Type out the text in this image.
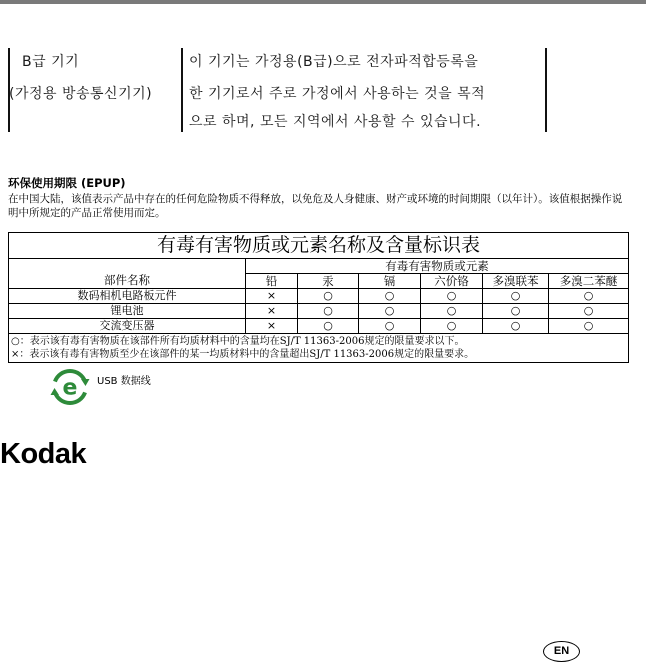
B급 기기
(가정용 방송통신기기)
이 기기는 가정용(B급)으로 전자파적합등록을
한 기기로서 주로 가정에서 사용하는 것을 목적
으로 하며, 모든 지역에서 사용할 수 있습니다.
环保使用期限 (EPUP)
在中国大陆，该值表示产品中存在的任何危险物质不得释放，以免危及人身健康、财产或环境的时间期限（以年计）。该值根据操作说
明中所规定的产品正常使用而定。
有毒有害物质或元素名称及含量标识表						
部件名称	有毒有害物质或元素					
	铅	汞	镉	六价铬	多溴联苯	多溴二苯醚
数码相机电路板元件	×	○	○	○	○	○
锂电池	×	○	○	○	○	○
交流变压器	×	○	○	○	○	○

○：表示该有毒有害物质在该部件所有均质材料中的含量均在SJ/T 11363-2006规定的限量要求以下。
×：表示该有毒有害物质至少在该部件的某一均质材料中的含量超出SJ/T 11363-2006规定的限量要求。						
e USB 数据线
Kodak
EN
